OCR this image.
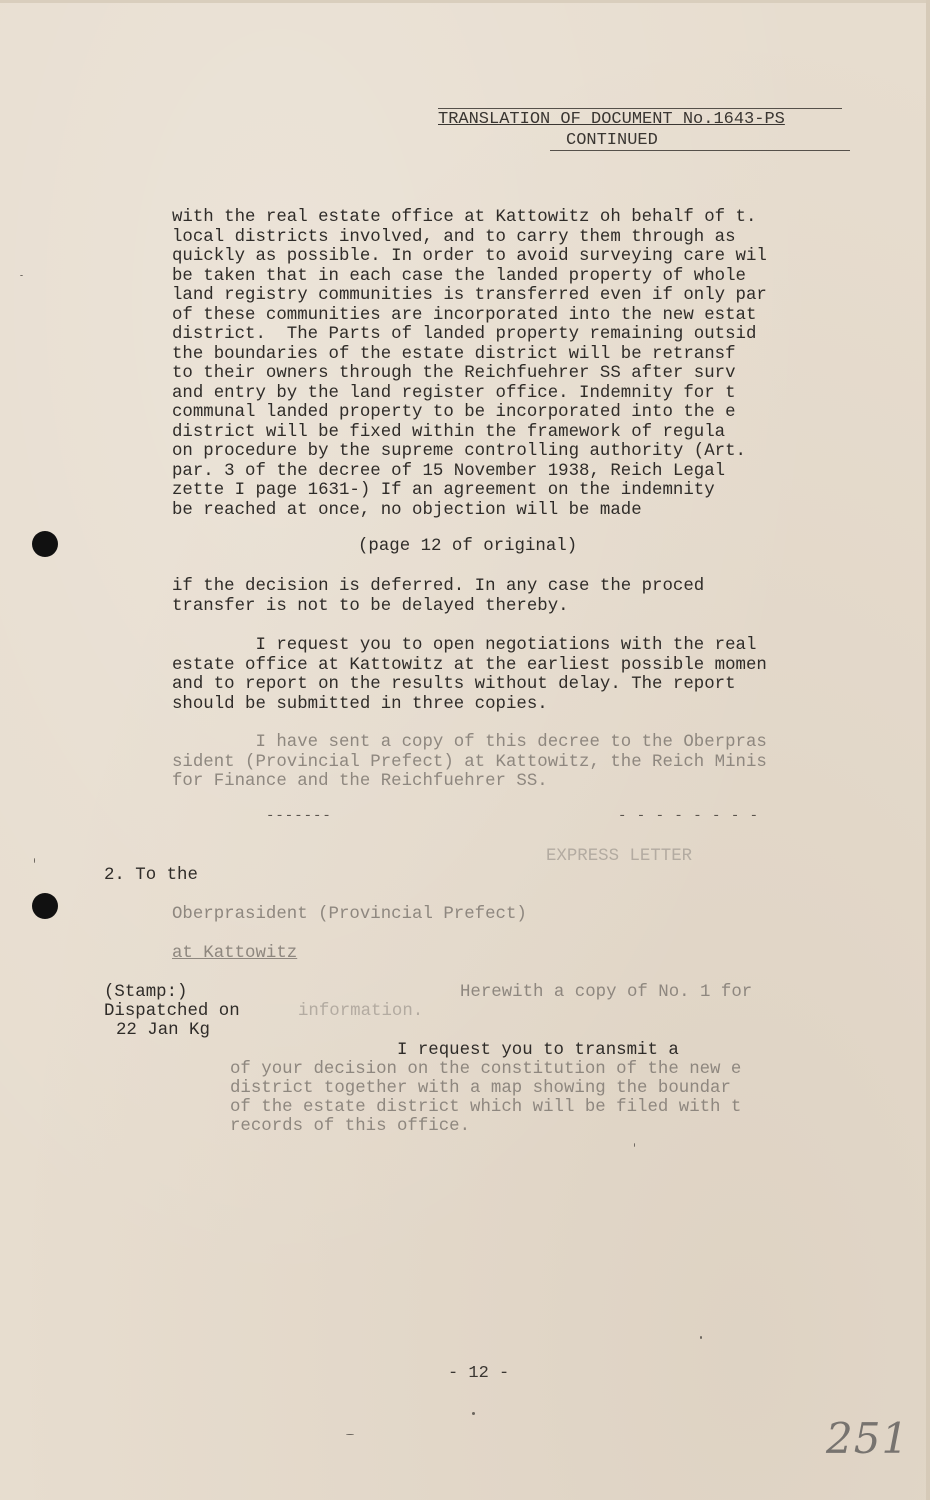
TRANSLATION OF DOCUMENT No.1643-PS
CONTINUED
with the real estate office at Kattowitz oh behalf of t.
local districts involved, and to carry them through as
quickly as possible. In order to avoid surveying care wil
be taken that in each case the landed property of whole
land registry communities is transferred even if only par
of these communities are incorporated into the new estat
district.  The Parts of landed property remaining outsid
the boundaries of the estate district will be retransf
to their owners through the Reichfuehrer SS after surv
and entry by the land register office. Indemnity for t
communal landed property to be incorporated into the e
district will be fixed within the framework of regula
on procedure by the supreme controlling authority (Art.
par. 3 of the decree of 15 November 1938, Reich Legal
zette I page 1631-) If an agreement on the indemnity
be reached at once, no objection will be made
(page 12 of original)
if the decision is deferred. In any case the proced
transfer is not to be delayed thereby.
I request you to open negotiations with the real
estate office at Kattowitz at the earliest possible momen
and to report on the results without delay. The report
should be submitted in three copies.
I have sent a copy of this decree to the Oberpras
sident (Provincial Prefect) at Kattowitz, the Reich Minis
for Finance and the Reichfuehrer SS.
-------	- - - - - - - -
EXPRESS LETTER
2. To the
Oberprasident (Provincial Prefect)
at Kattowitz
(Stamp:)
Dispatched on
22 Jan Kg
Herewith a copy of No. 1 for
information.
I request you to transmit a
of your decision on the constitution of the new e
district together with a map showing the boundar
of the estate district which will be filed with t
records of this office.
- 12 -
251
